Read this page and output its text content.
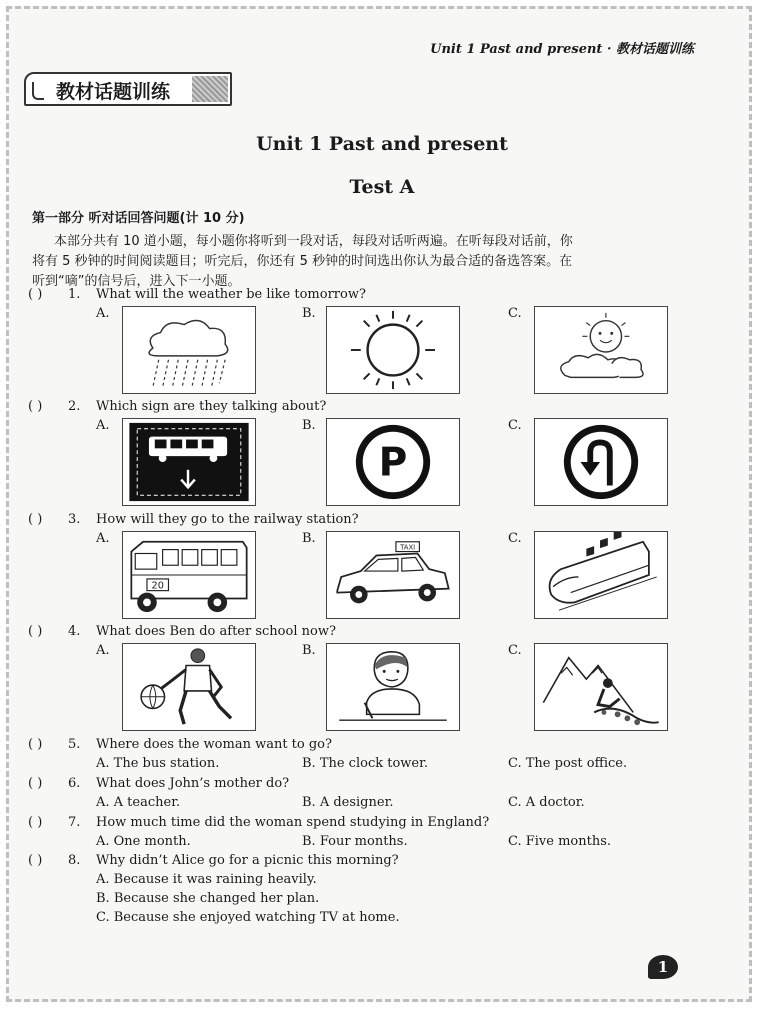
Unit 1 Past and present · 教材话题训练
教材话题训练
Unit 1 Past and present
Test A
第一部分 听对话回答问题(计 10 分)
本部分共有 10 道小题，每小题你将听到一段对话，每段对话听两遍。在听每段对话前，你
将有 5 秒钟的时间阅读题目；听完后，你还有 5 秒钟的时间选出你认为最合适的备选答案。在
听到“嘀”的信号后，进入下一小题。
( ) 1. What will the weather be like tomorrow?
A.	B.	C.
( ) 2. Which sign are they talking about?
A.	B.	C.
P
( ) 3. How will they go to the railway station?
A.	B.	C.
20
TAXI
( ) 4. What does Ben do after school now?
A.	B.	C.
( ) 5. Where does the woman want to go?
A. The bus station.	B. The clock tower.	C. The post office.
( ) 6. What does John’s mother do?
A. A teacher.	B. A designer.	C. A doctor.
( ) 7. How much time did the woman spend studying in England?
A. One month.	B. Four months.	C. Five months.
( ) 8. Why didn’t Alice go for a picnic this morning?
A. Because it was raining heavily.
B. Because she changed her plan.
C. Because she enjoyed watching TV at home.
1
